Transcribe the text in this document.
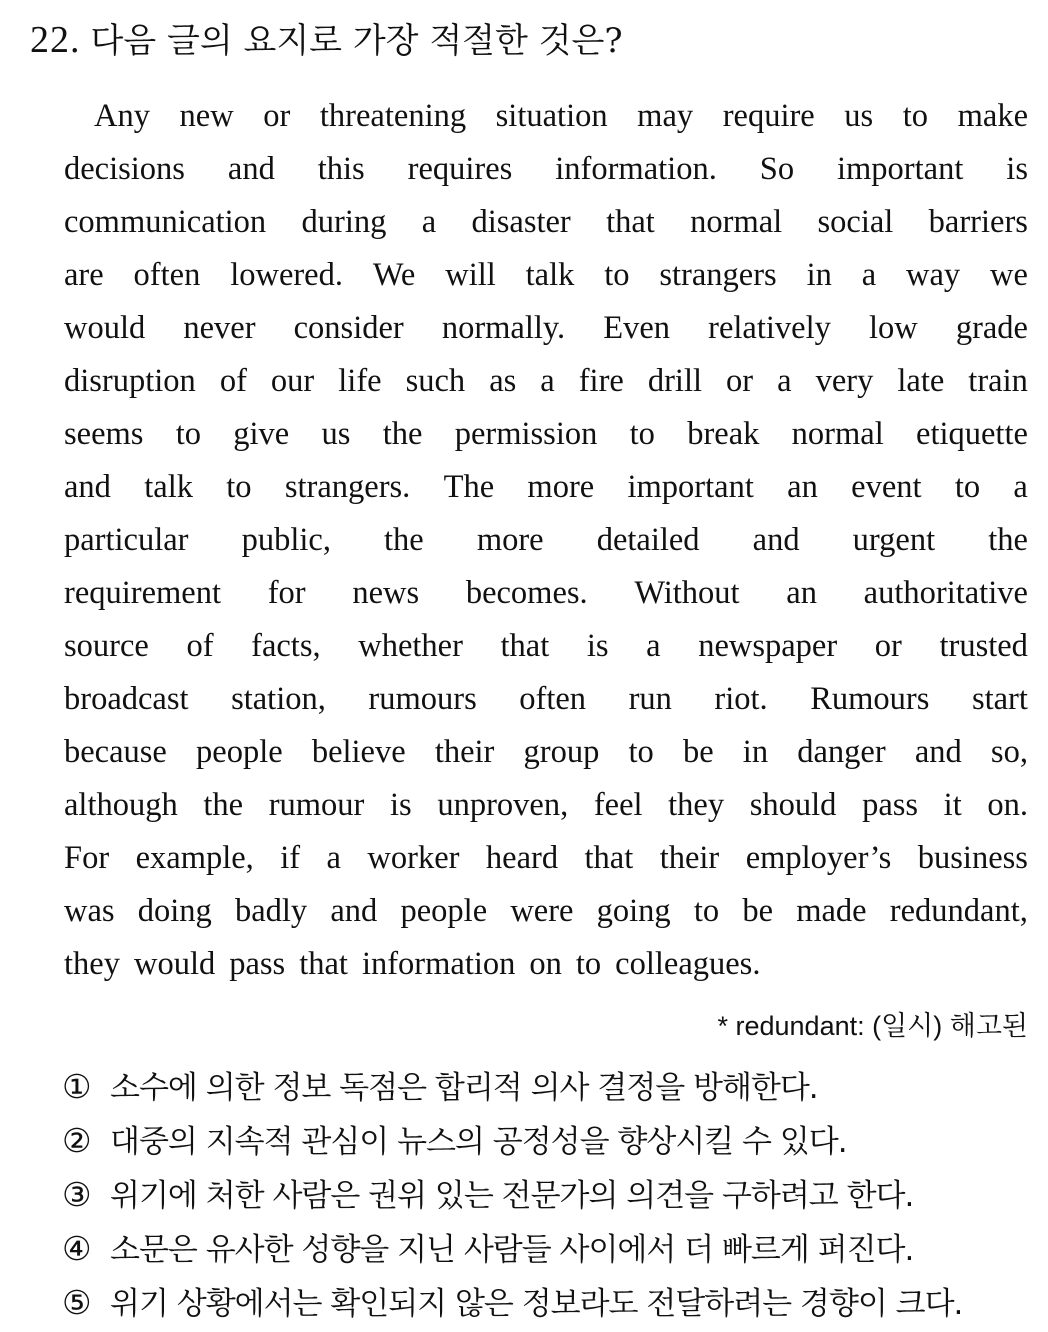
22. 다음 글의 요지로 가장 적절한 것은?
Any new or threatening situation may require us to make
decisions and this requires information. So important is
communication during a disaster that normal social barriers
are often lowered. We will talk to strangers in a way we
would never consider normally. Even relatively low grade
disruption of our life such as a fire drill or a very late train
seems to give us the permission to break normal etiquette
and talk to strangers. The more important an event to a
particular public, the more detailed and urgent the
requirement for news becomes. Without an authoritative
source of facts, whether that is a newspaper or trusted
broadcast station, rumours often run riot. Rumours start
because people believe their group to be in danger and so,
although the rumour is unproven, feel they should pass it on.
For example, if a worker heard that their employer’s business
was doing badly and people were going to be made redundant,
they would pass that information on to colleagues.
* redundant: (일시) 해고된
① 소수에 의한 정보 독점은 합리적 의사 결정을 방해한다.
② 대중의 지속적 관심이 뉴스의 공정성을 향상시킬 수 있다.
③ 위기에 처한 사람은 권위 있는 전문가의 의견을 구하려고 한다.
④ 소문은 유사한 성향을 지닌 사람들 사이에서 더 빠르게 퍼진다.
⑤ 위기 상황에서는 확인되지 않은 정보라도 전달하려는 경향이 크다.
